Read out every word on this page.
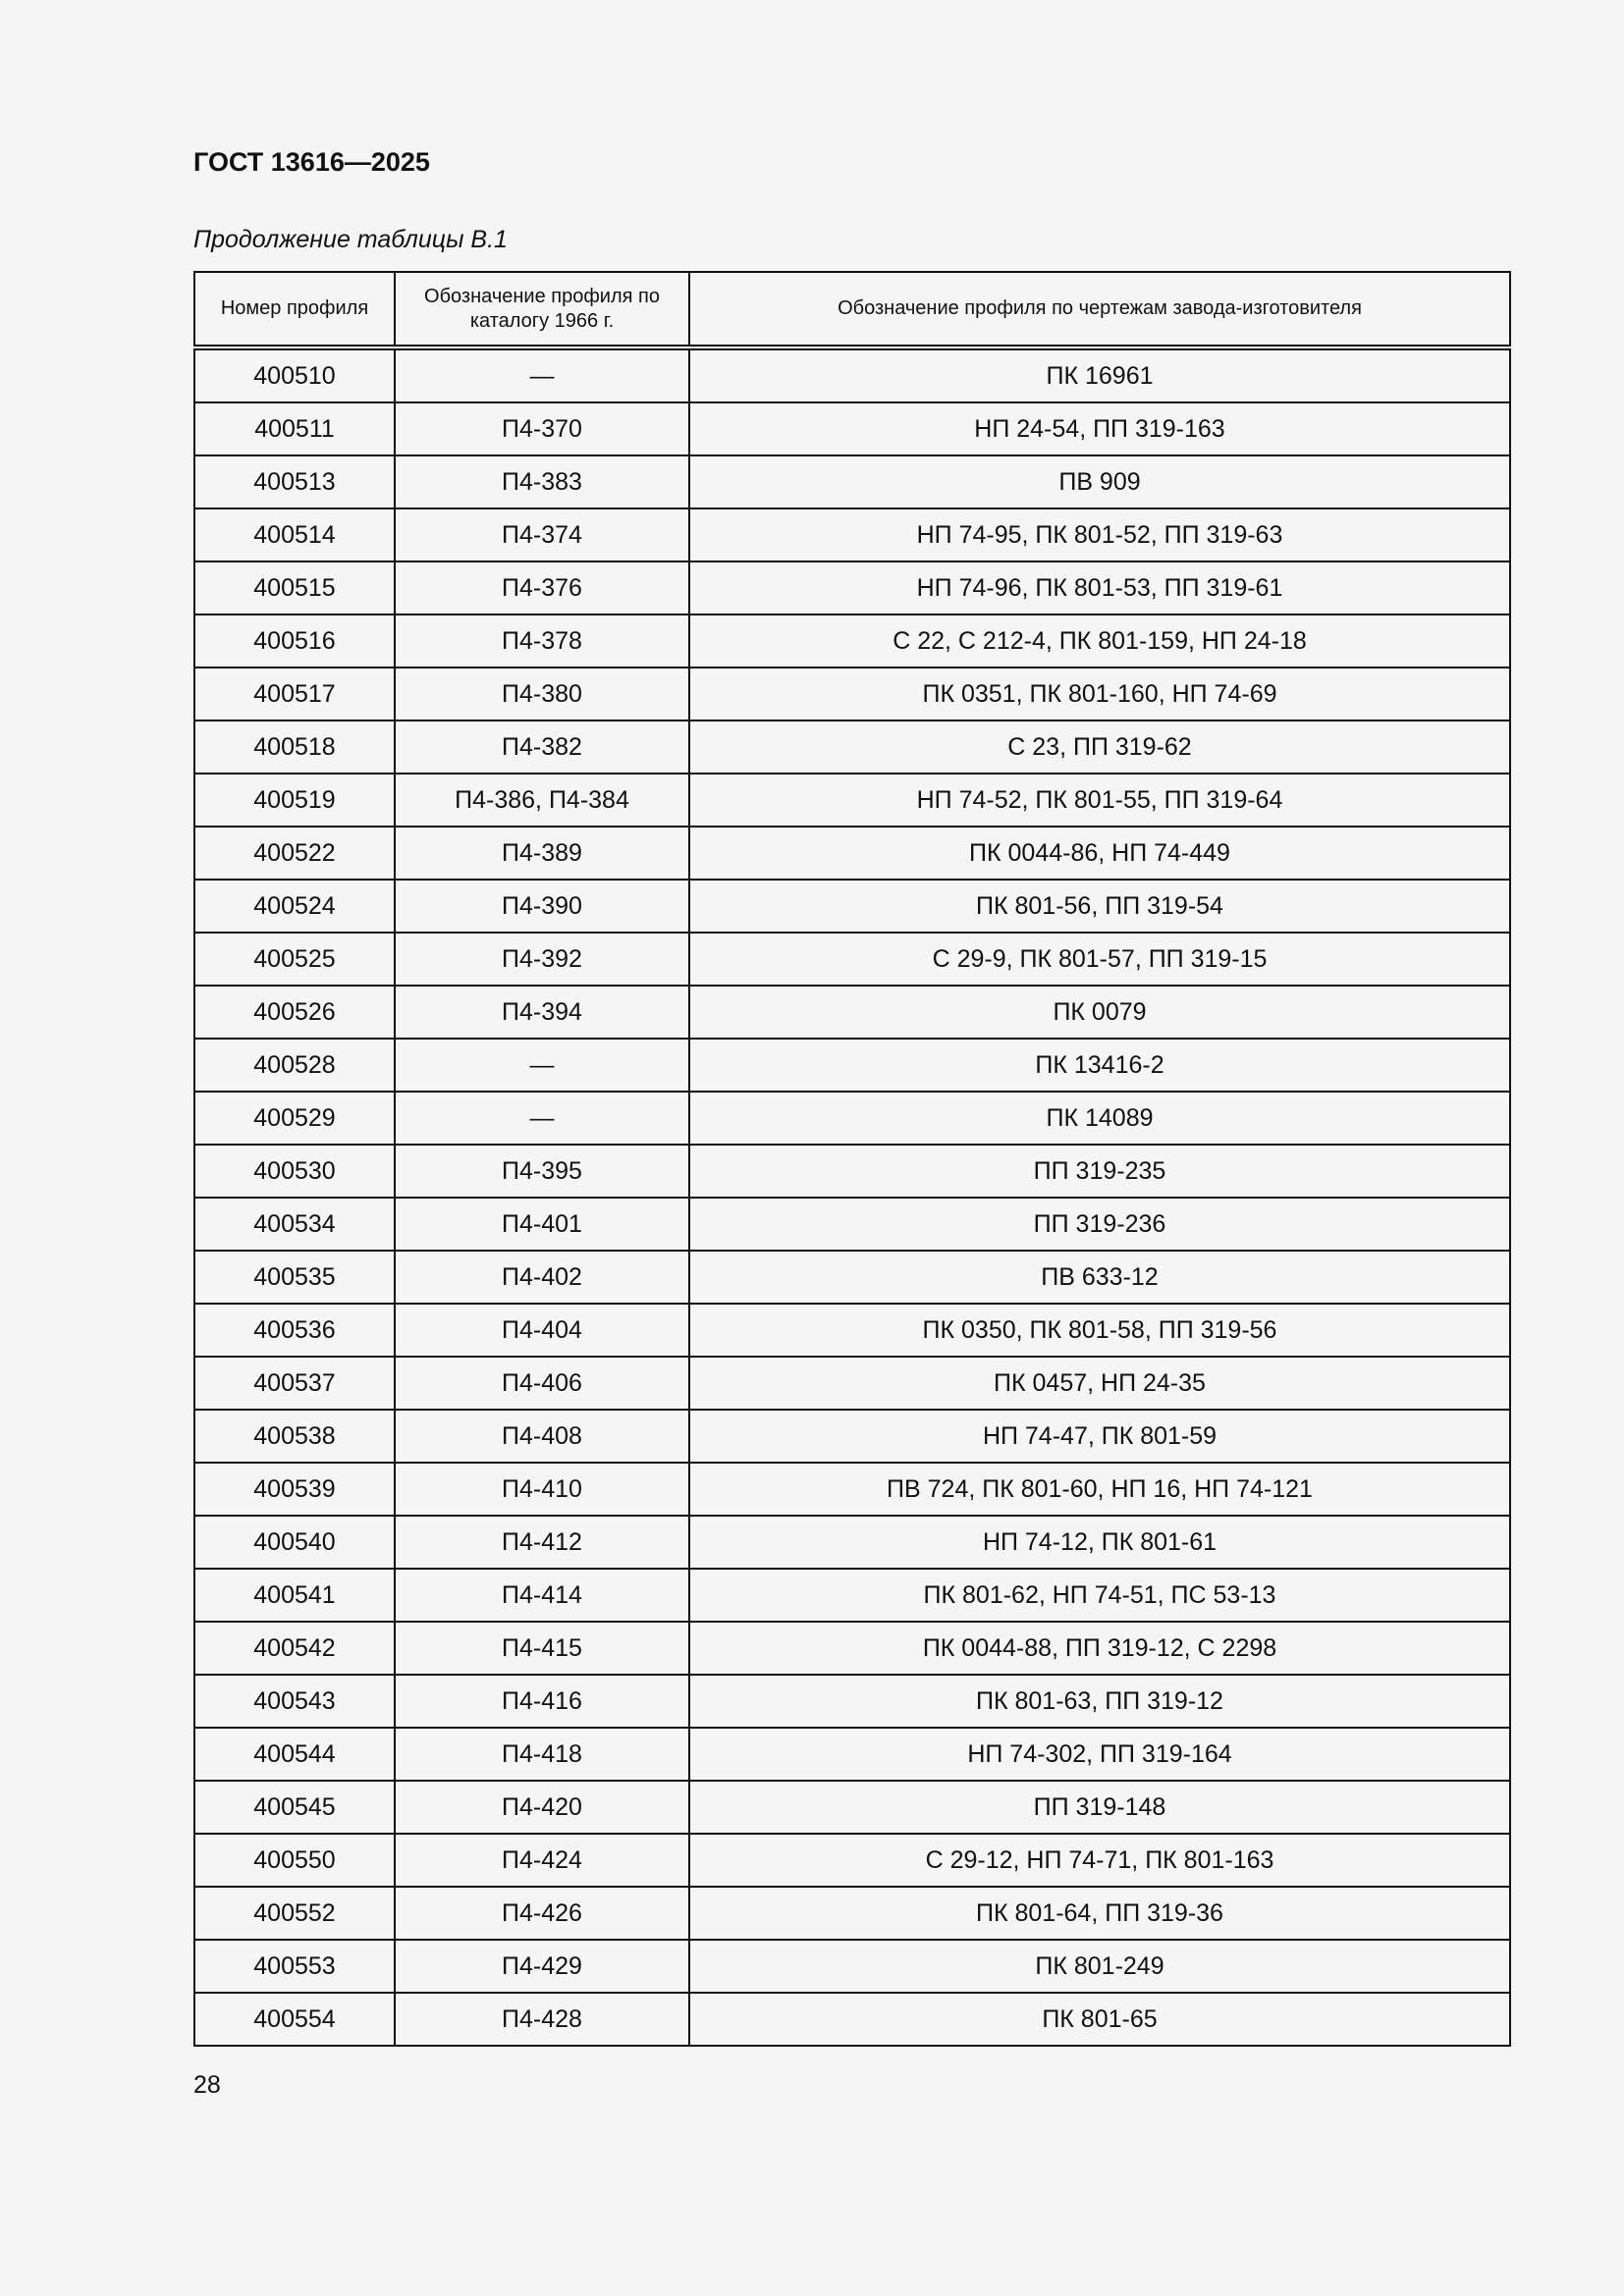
ГОСТ 13616—2025
Продолжение таблицы В.1
Номер профиля	Обозначение профиля по каталогу 1966 г.	Обозначение профиля по чертежам завода-изготовителя
400510	—	ПК 16961
400511	П4-370	НП 24-54, ПП 319-163
400513	П4-383	ПВ 909
400514	П4-374	НП 74-95, ПК 801-52, ПП 319-63
400515	П4-376	НП 74-96, ПК 801-53, ПП 319-61
400516	П4-378	С 22, С 212-4, ПК 801-159, НП 24-18
400517	П4-380	ПК 0351, ПК 801-160, НП 74-69
400518	П4-382	С 23, ПП 319-62
400519	П4-386, П4-384	НП 74-52, ПК 801-55, ПП 319-64
400522	П4-389	ПК 0044-86, НП 74-449
400524	П4-390	ПК 801-56, ПП 319-54
400525	П4-392	С 29-9, ПК 801-57, ПП 319-15
400526	П4-394	ПК 0079
400528	—	ПК 13416-2
400529	—	ПК 14089
400530	П4-395	ПП 319-235
400534	П4-401	ПП 319-236
400535	П4-402	ПВ 633-12
400536	П4-404	ПК 0350, ПК 801-58, ПП 319-56
400537	П4-406	ПК 0457, НП 24-35
400538	П4-408	НП 74-47, ПК 801-59
400539	П4-410	ПВ 724, ПК 801-60, НП 16, НП 74-121
400540	П4-412	НП 74-12, ПК 801-61
400541	П4-414	ПК 801-62, НП 74-51, ПС 53-13
400542	П4-415	ПК 0044-88, ПП 319-12, С 2298
400543	П4-416	ПК 801-63, ПП 319-12
400544	П4-418	НП 74-302, ПП 319-164
400545	П4-420	ПП 319-148
400550	П4-424	С 29-12, НП 74-71, ПК 801-163
400552	П4-426	ПК 801-64, ПП 319-36
400553	П4-429	ПК 801-249
400554	П4-428	ПК 801-65
28
